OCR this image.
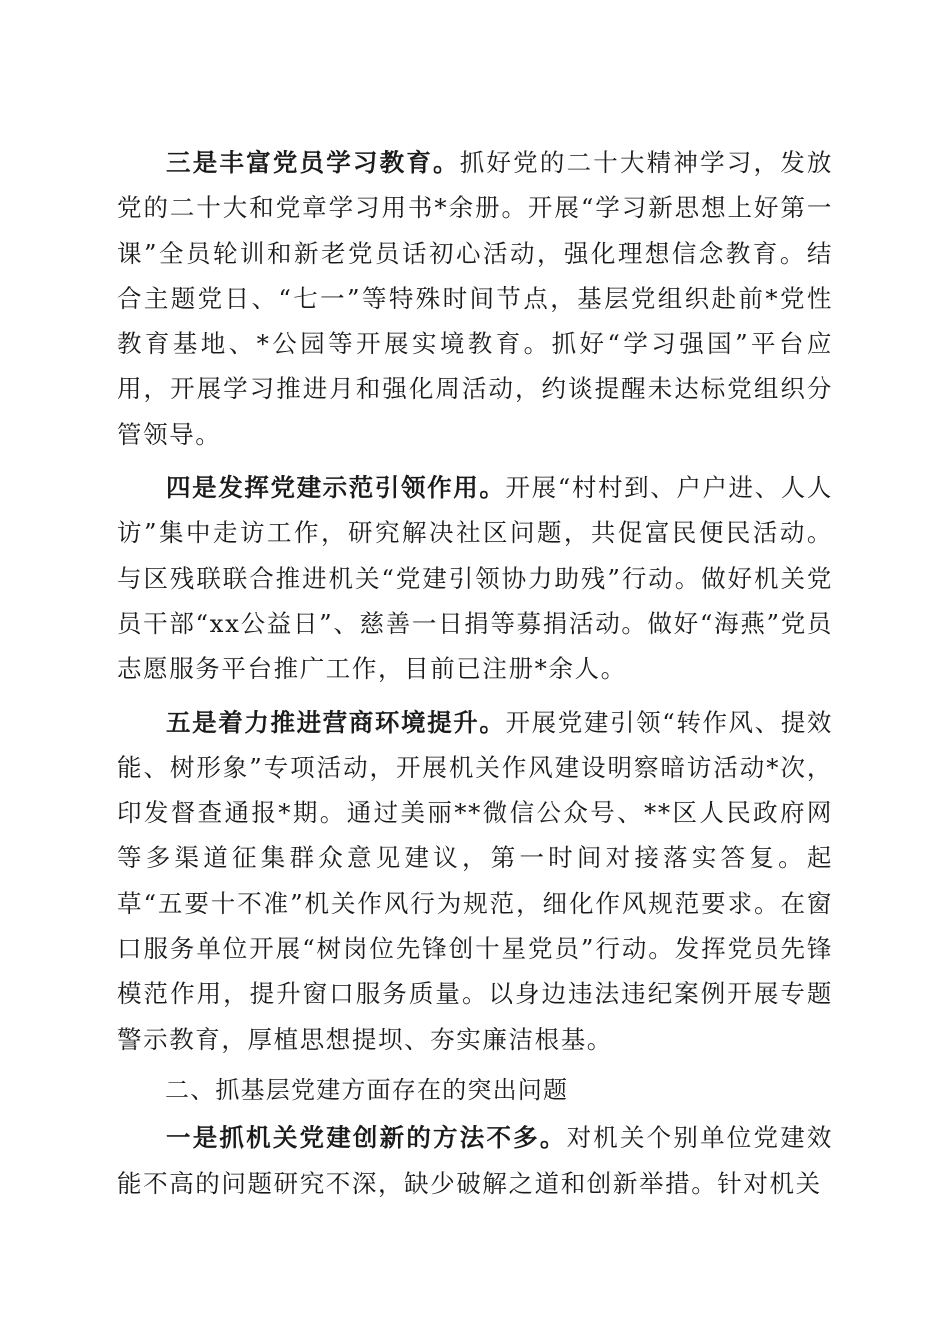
三是丰富党员学习教育。抓好党的二十大精神学习，发放党的二十大和党章学习用书*余册。开展“学习新思想上好第一课”全员轮训和新老党员话初心活动，强化理想信念教育。结合主题党日、“七一”等特殊时间节点，基层党组织赴前*党性教育基地、*公园等开展实境教育。抓好“学习强国”平台应用，开展学习推进月和强化周活动，约谈提醒未达标党组织分管领导。

四是发挥党建示范引领作用。开展“村村到、户户进、人人访”集中走访工作，研究解决社区问题，共促富民便民活动。与区残联联合推进机关“党建引领协力助残”行动。做好机关党员干部“xx公益日”、慈善一日捐等募捐活动。做好“海燕”党员志愿服务平台推广工作，目前已注册*余人。

五是着力推进营商环境提升。开展党建引领“转作风、提效能、树形象”专项活动，开展机关作风建设明察暗访活动*次，印发督查通报*期。通过美丽**微信公众号、**区人民政府网等多渠道征集群众意见建议，第一时间对接落实答复。起草“五要十不准”机关作风行为规范，细化作风规范要求。在窗口服务单位开展“树岗位先锋创十星党员”行动。发挥党员先锋模范作用，提升窗口服务质量。以身边违法违纪案例开展专题警示教育，厚植思想提坝、夯实廉洁根基。

二、抓基层党建方面存在的突出问题

一是抓机关党建创新的方法不多。对机关个别单位党建效能不高的问题研究不深，缺少破解之道和创新举措。针对机关
